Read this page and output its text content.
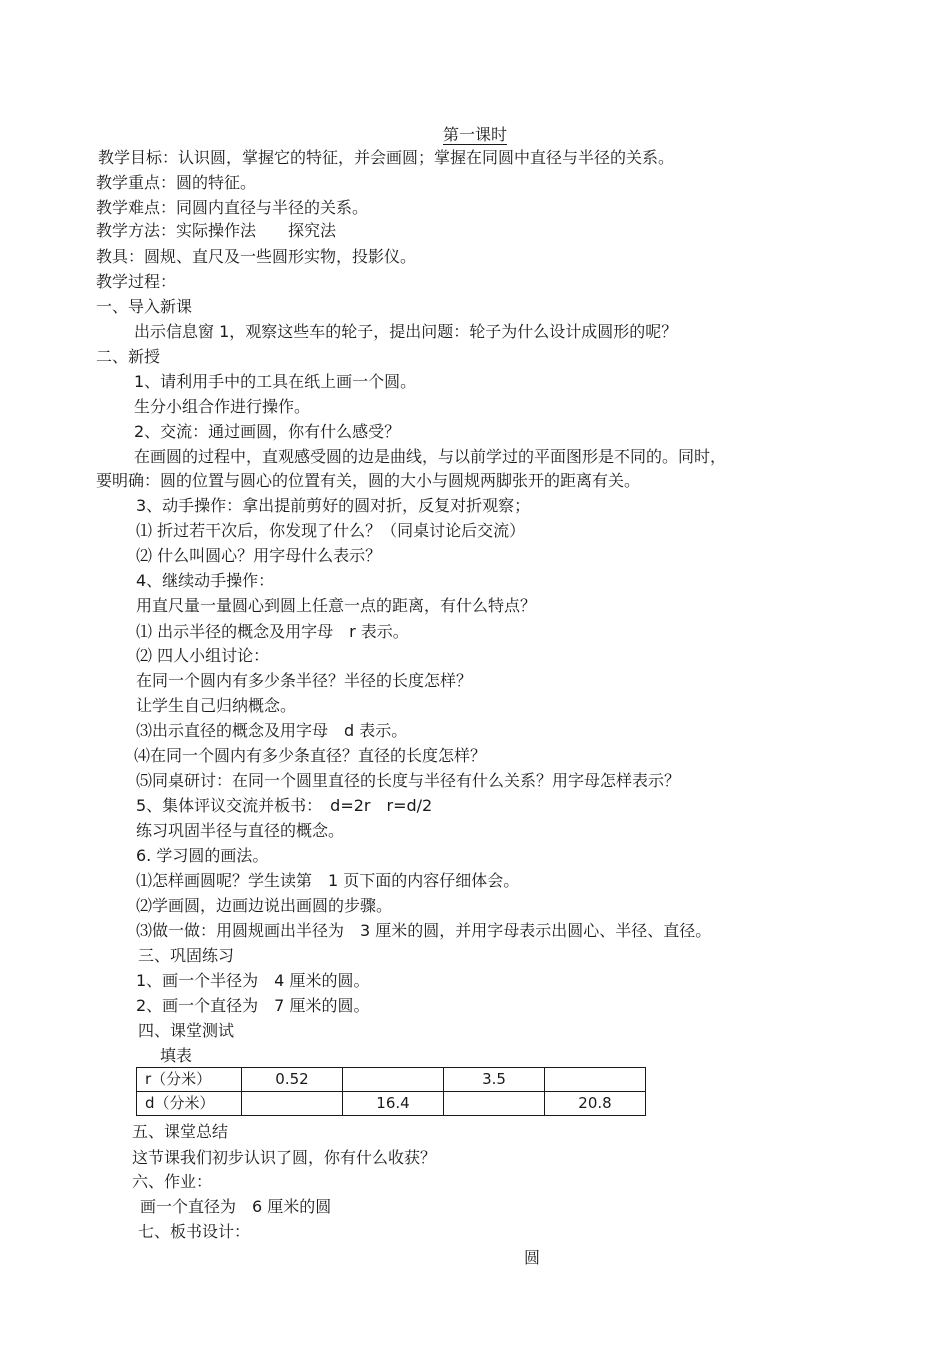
第一课时
教学目标：认识圆，掌握它的特征，并会画圆；掌握在同圆中直径与半径的关系。
教学重点：圆的特征。
教学难点：同圆内直径与半径的关系。
教学方法：实际操作法　　探究法
教具：圆规、直尺及一些圆形实物，投影仪。
教学过程：
一、导入新课
出示信息窗 1，观察这些车的轮子，提出问题：轮子为什么设计成圆形的呢？
二、新授
1、请利用手中的工具在纸上画一个圆。
生分小组合作进行操作。
2、交流：通过画圆，你有什么感受？
在画圆的过程中，直观感受圆的边是曲线，与以前学过的平面图形是不同的。同时，
要明确：圆的位置与圆心的位置有关，圆的大小与圆规两脚张开的距离有关。
3、动手操作：拿出提前剪好的圆对折，反复对折观察；
⑴ 折过若干次后，你发现了什么？（同桌讨论后交流）
⑵ 什么叫圆心？用字母什么表示？
4、继续动手操作：
用直尺量一量圆心到圆上任意一点的距离，有什么特点？
⑴ 出示半径的概念及用字母　r 表示。
⑵ 四人小组讨论：
在同一个圆内有多少条半径？半径的长度怎样？
让学生自己归纳概念。
⑶出示直径的概念及用字母　d 表示。
⑷在同一个圆内有多少条直径？直径的长度怎样？
⑸同桌研讨：在同一个圆里直径的长度与半径有什么关系？用字母怎样表示？
5、集体评议交流并板书：　d=2r　r=d/2
练习巩固半径与直径的概念。
6. 学习圆的画法。
⑴怎样画圆呢？学生读第　1 页下面的内容仔细体会。
⑵学画圆，边画边说出画圆的步骤。
⑶做一做：用圆规画出半径为　3 厘米的圆，并用字母表示出圆心、半径、直径。
三、巩固练习
1、画一个半径为　4 厘米的圆。
2、画一个直径为　7 厘米的圆。
四、课堂测试
填表
r（分米）	0.52		3.5	
d（分米）		16.4		20.8
五、课堂总结
这节课我们初步认识了圆，你有什么收获？
六、作业：
画一个直径为　6 厘米的圆
七、板书设计：
圆
